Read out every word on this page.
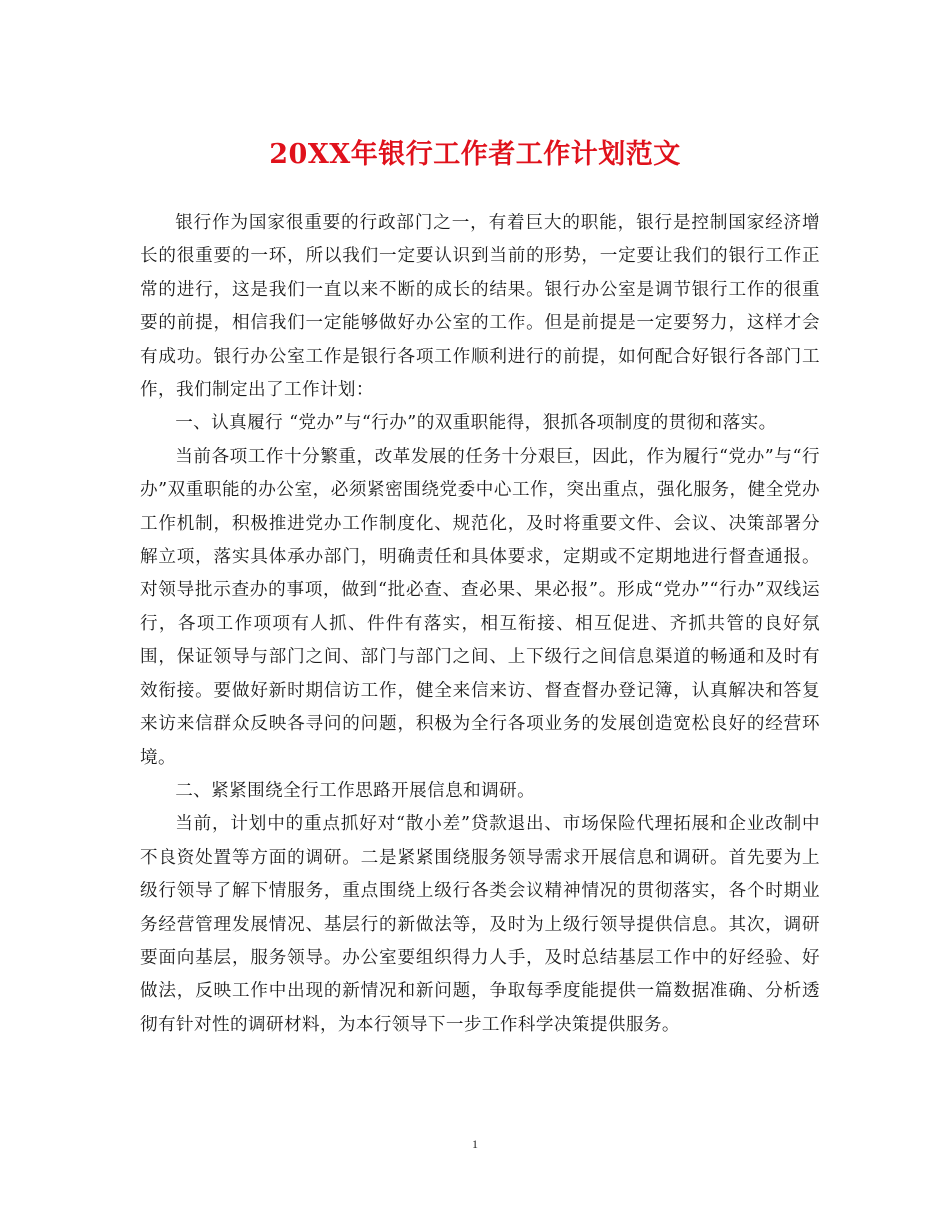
20XX年银行工作者工作计划范文

银行作为国家很重要的行政部门之一，有着巨大的职能，银行是控制国家经济增长的很重要的一环，所以我们一定要认识到当前的形势，一定要让我们的银行工作正常的进行，这是我们一直以来不断的成长的结果。银行办公室是调节银行工作的很重要的前提，相信我们一定能够做好办公室的工作。但是前提是一定要努力，这样才会有成功。银行办公室工作是银行各项工作顺利进行的前提，如何配合好银行各部门工作，我们制定出了工作计划：

一、认真履行 “党办”与“行办”的双重职能得，狠抓各项制度的贯彻和落实。

当前各项工作十分繁重，改革发展的任务十分艰巨，因此，作为履行“党办”与“行办”双重职能的办公室，必须紧密围绕党委中心工作，突出重点，强化服务，健全党办工作机制，积极推进党办工作制度化、规范化，及时将重要文件、会议、决策部署分解立项，落实具体承办部门，明确责任和具体要求，定期或不定期地进行督查通报。对领导批示查办的事项，做到“批必查、查必果、果必报”。形成“党办”“行办”双线运行，各项工作项项有人抓、件件有落实，相互衔接、相互促进、齐抓共管的良好氛围，保证领导与部门之间、部门与部门之间、上下级行之间信息渠道的畅通和及时有效衔接。要做好新时期信访工作，健全来信来访、督查督办登记簿，认真解决和答复来访来信群众反映各寻问的问题，积极为全行各项业务的发展创造宽松良好的经营环境。

二、紧紧围绕全行工作思路开展信息和调研。

当前，计划中的重点抓好对“散小差”贷款退出、市场保险代理拓展和企业改制中不良资处置等方面的调研。二是紧紧围绕服务领导需求开展信息和调研。首先要为上级行领导了解下情服务，重点围绕上级行各类会议精神情况的贯彻落实，各个时期业务经营管理发展情况、基层行的新做法等，及时为上级行领导提供信息。其次，调研要面向基层，服务领导。办公室要组织得力人手，及时总结基层工作中的好经验、好做法，反映工作中出现的新情况和新问题，争取每季度能提供一篇数据准确、分析透彻有针对性的调研材料，为本行领导下一步工作科学决策提供服务。

1
